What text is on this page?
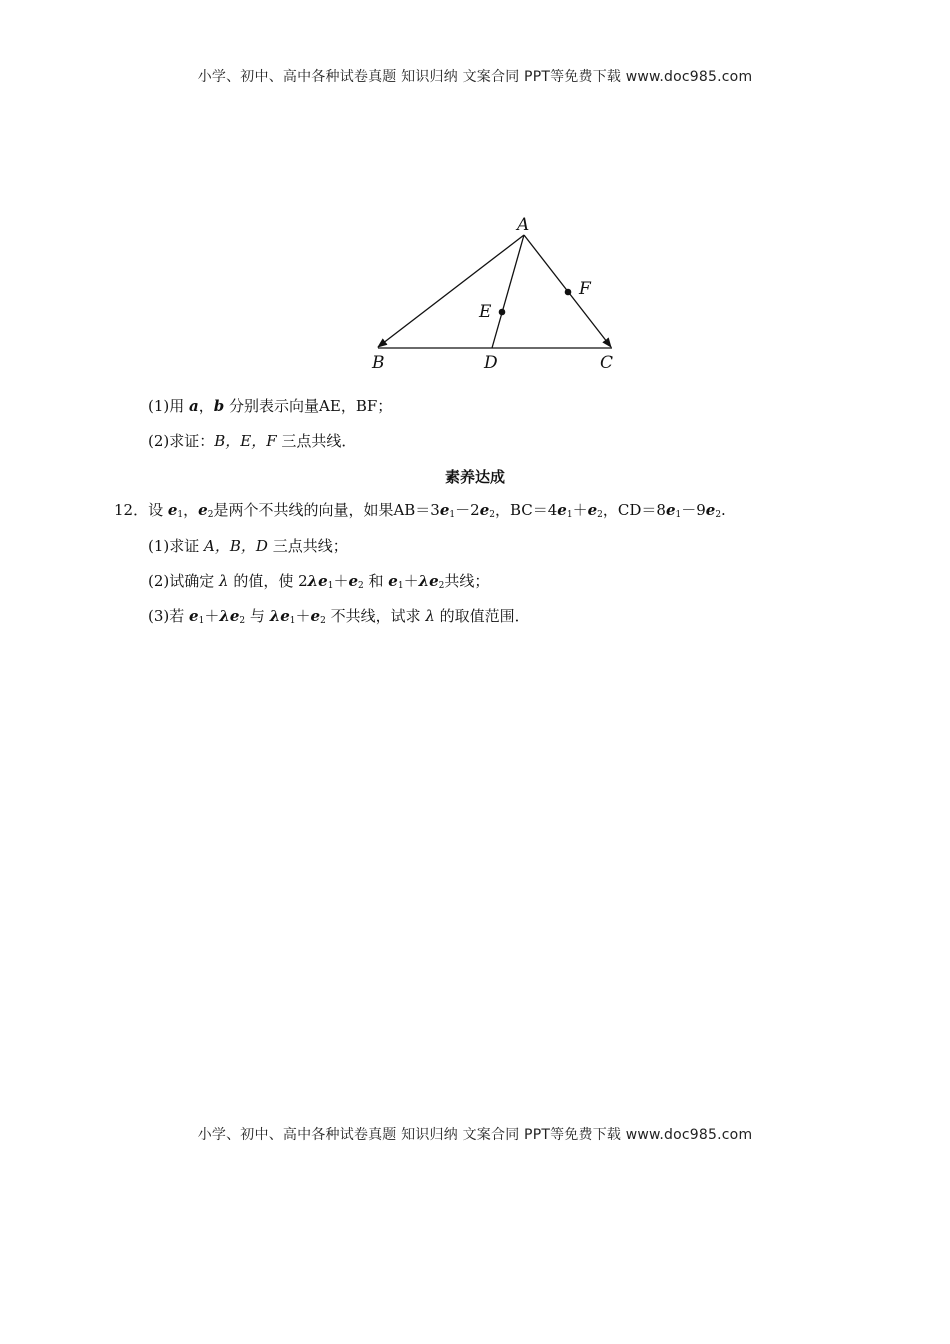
小学、初中、高中各种试卷真题 知识归纳 文案合同 PPT等免费下载 www.doc985.com
A
B	C
D
E
F
(1)用 a，b 分别表示向量AE，BF；
(2)求证：B，E，F 三点共线．
素养达成
12．设 $e_1$，$e_2$是两个不共线的向量，如果$AB=3e_1-2e_2$，$BC=4e_1+e_2$，$CD=8e_1-9e_2$.
(1)求证 A，B，D 三点共线；
(2)试确定 λ 的值，使 $2\lambda e_1+e_2$ 和 $e_1+\lambda e_2$共线；
(3)若 $e_1+\lambda e_2$ 与 $\lambda e_1+e_2$ 不共线，试求 λ 的取值范围．
小学、初中、高中各种试卷真题 知识归纳 文案合同 PPT等免费下载 www.doc985.com
